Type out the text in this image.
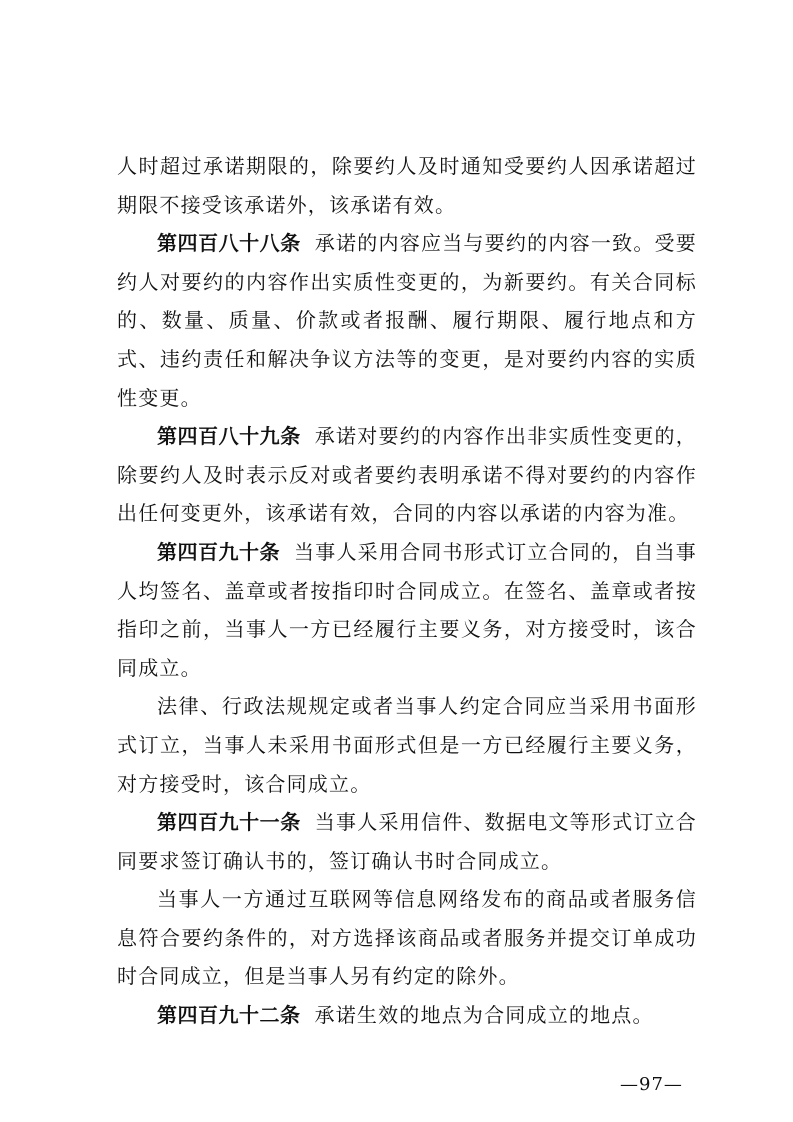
人时超过承诺期限的，除要约人及时通知受要约人因承诺超过期限不接受该承诺外，该承诺有效。

第四百八十八条 承诺的内容应当与要约的内容一致。受要约人对要约的内容作出实质性变更的，为新要约。有关合同标的、数量、质量、价款或者报酬、履行期限、履行地点和方式、违约责任和解决争议方法等的变更，是对要约内容的实质性变更。

第四百八十九条 承诺对要约的内容作出非实质性变更的，除要约人及时表示反对或者要约表明承诺不得对要约的内容作出任何变更外，该承诺有效，合同的内容以承诺的内容为准。

第四百九十条 当事人采用合同书形式订立合同的，自当事人均签名、盖章或者按指印时合同成立。在签名、盖章或者按指印之前，当事人一方已经履行主要义务，对方接受时，该合同成立。

法律、行政法规规定或者当事人约定合同应当采用书面形式订立，当事人未采用书面形式但是一方已经履行主要义务，对方接受时，该合同成立。

第四百九十一条 当事人采用信件、数据电文等形式订立合同要求签订确认书的，签订确认书时合同成立。

当事人一方通过互联网等信息网络发布的商品或者服务信息符合要约条件的，对方选择该商品或者服务并提交订单成功时合同成立，但是当事人另有约定的除外。

第四百九十二条 承诺生效的地点为合同成立的地点。

—97—
